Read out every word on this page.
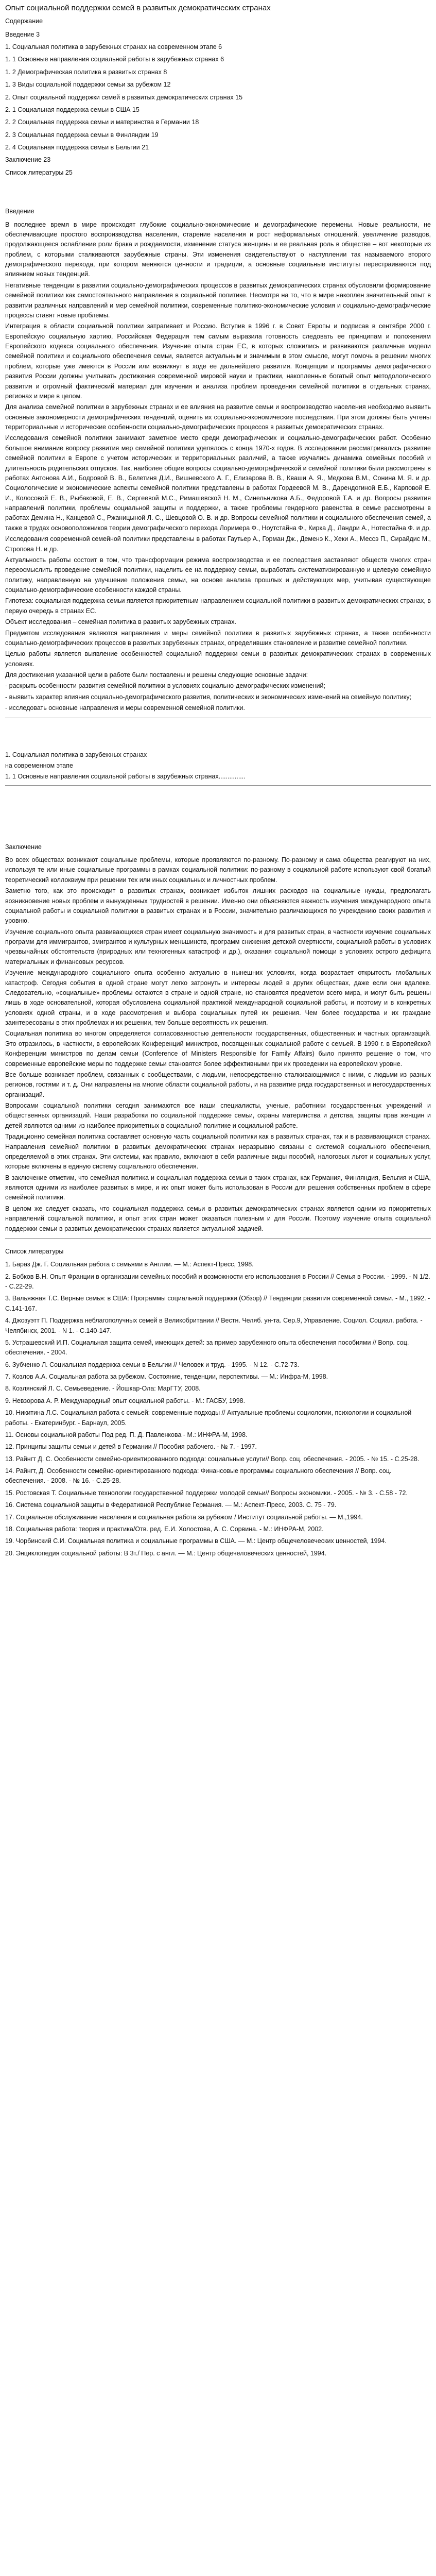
Опыт социальной поддержки семей в развитых демократических странах
Содержание
Введение 3
1. Социальная политика в зарубежных странах на современном этапе 6
1. 1 Основные направления социальной работы в зарубежных странах 6
1. 2 Демографическая политика в развитых странах 8
1. 3 Виды социальной поддержки семьи за рубежом 12
2. Опыт социальной поддержки семей в развитых демократических странах 15
2. 1 Социальная поддержка семьи в США 15
2. 2 Социальная поддержка семьи и материнства в Германии 18
2. 3 Социальная поддержка семьи в Финляндии 19
2. 4 Социальная поддержка семьи в Бельгии 21
Заключение 23
Список литературы 25
Введение

В последнее время в мире происходят глубокие социально-экономические и демографические перемены. Новые реальности, не обеспечивающие простого воспроизводства населения, старение населения и рост неформальных отношений, увеличение разводов, продолжающееся ослабление роли брака и рождаемости, изменение статуса женщины и ее реальная роль в обществе – вот некоторые из проблем, с которыми сталкиваются зарубежные страны. Эти изменения свидетельствуют о наступлении так называемого второго демографического перехода, при котором меняются ценности и традиции, а основные социальные институты перестраиваются под влиянием новых тенденций.

Негативные тенденции в развитии социально-демографических процессов в развитых демократических странах обусловили формирование семейной политики как самостоятельного направления в социальной политике. Несмотря на то, что в мире накоплен значительный опыт в развитии различных направлений и мер семейной политики, современные политико-экономические условия и социально-демографические процессы ставят новые проблемы.

Интеграция в области социальной политики затрагивает и Россию. Вступив в 1996 г. в Совет Европы и подписав в сентябре 2000 г. Европейскую социальную хартию, Российская Федерация тем самым выразила готовность следовать ее принципам и положениям Европейского кодекса социального обеспечения. Изучение опыта стран ЕС, в которых сложились и развиваются различные модели семейной политики и социального обеспечения семьи, является актуальным и значимым в этом смысле, могут помочь в решении многих проблем, которые уже имеются в России или возникнут в ходе ее дальнейшего развития. Концепции и программы демографического развития России должны учитывать достижения современной мировой науки и практики, накопленные богатый опыт методологического развития и огромный фактический материал для изучения и анализа проблем проведения семейной политики в отдельных странах, регионах и мире в целом.

Для анализа семейной политики в зарубежных странах и ее влияния на развитие семьи и воспроизводство населения необходимо выявить основные закономерности демографических тенденций, оценить их социально-экономические последствия. При этом должны быть учтены территориальные и исторические особенности социально-демографических процессов в развитых демократических странах.

Исследования семейной политики занимают заметное место среди демографических и социально-демографических работ. Особенно большое внимание вопросу развития мер семейной политики уделялось с конца 1970-х годов. В исследовании рассматривались развитие семейной политики в Европе с учетом исторических и территориальных различий, а также изучались динамика семейных пособий и длительность родительских отпусков. Так, наиболее общие вопросы социально-демографической и семейной политики были рассмотрены в работах Антонова А.И., Бодровой В. В., Белетиня Д.И., Вишневского А. Г., Елизарова В. В., Кваши А. Я., Медкова В.М., Сонина М. Я. и др. Социологические и экономические аспекты семейной политики представлены в работах Гордеевой М. В., Дарендогиной Е.Б., Карповой Е. И., Колосовой Е. В., Рыбаковой, Е. В., Сергеевой М.С., Римашевской Н. М., Синельникова А.Б., Федоровой Т.А. и др. Вопросы развития направлений политики, проблемы социальной защиты и поддержки, а также проблемы гендерного равенства в семье рассмотрены в работах Демина Н., Канцевой С., Ржаницыной Л. С., Шевцовой О. В. и др. Вопросы семейной политики и социального обеспечения семей, а также в трудах основоположников теории демографического перехода Лоримера Ф., Ноутстайна Ф., Кирка Д., Ландри А., Нотестайна Ф. и др.

Исследования современной семейной политики представлены в работах Гаутьер А., Горман Дж., Деменэ К., Хеки А., Мессэ П., Сирайдис М., Стропова Н. и др.

Актуальность работы состоит в том, что трансформации режима воспроизводства и ее последствия заставляют обществ многих стран переосмыслить проведение семейной политики, нацелить ее на поддержку семьи, выработать систематизированную и целевую семейную политику, направленную на улучшение положения семьи, на основе анализа прошлых и действующих мер, учитывая существующие социально-демографические особенности каждой страны.

Гипотеза: социальная поддержка семьи является приоритетным направлением социальной политики в развитых демократических странах, в первую очередь в странах ЕС.

Объект исследования – семейная политика в развитых зарубежных странах.

Предметом исследования являются направления и меры семейной политики в развитых зарубежных странах, а также особенности социально-демографических процессов в развитых зарубежных странах, определивших становление и развитие семейной политики.

Целью работы является выявление особенностей социальной поддержки семьи в развитых демократических странах в современных условиях.

Для достижения указанной цели в работе были поставлены и решены следующие основные задачи:

- раскрыть особенности развития семейной политики в условиях социально-демографических изменений;

- выявить характер влияния социально-демографического развития, политических и экономических изменений на семейную политику;

- исследовать основные направления и меры современной семейной политики.

1. Социальная политика в зарубежных странах
на современном этапе
1. 1 Основные направления социальной работы в зарубежных странах...............
Заключение

Во всех обществах возникают социальные проблемы, которые проявляются по-разному. По-разному и сама общества реагируют на них, используя те или иные социальные программы в рамках социальной политики: по-разному в социальной работе используют свой богатый теоретический коллоквиум при решении тех или иных социальных и личностных проблем.

Заметно того, как это происходит в развитых странах, возникает избыток лишних расходов на социальные нужды, предполагать возникновение новых проблем и вынужденных трудностей в решении. Именно они объясняются важность изучения международного опыта социальной работы и социальной политики в развитых странах и в России, значительно различающихся по учреждению своих развития и уровню.

Изучение социального опыта развивающихся стран имеет социальную значимость и для развитых стран, в частности изучение социальных программ для иммигрантов, эмигрантов и культурных меньшинств, программ снижения детской смертности, социальной работы в условиях чрезвычайных обстоятельств (природных или техногенных катастроф и др.), оказания социальной помощи в условиях острого дефицита материальных и финансовых ресурсов.

Изучение международного социального опыта особенно актуально в нынешних условиях, когда возрастает открытость глобальных катастроф. Сегодня события в одной стране могут легко затронуть и интересы людей в других обществах, даже если они вдалеке. Следовательно, «социальные» проблемы остаются в стране и одной стране, но становятся предметом всего мира, и могут быть решены лишь в ходе основательной, которая обусловлена социальной практикой международной социальной работы, и поэтому и в конкретных условиях одной страны, и в ходе рассмотрения и выбора социальных путей их решения. Чем более государства и их граждане заинтересованы в этих проблемах и их решении, тем больше вероятность их решения.

Социальная политика во многом определяется согласованностью деятельности государственных, общественных и частных организаций. Это отразилось, в частности, в европейских Конференций министров, посвященных социальной работе с семьей. В 1990 г. в Европейской Конференции министров по делам семьи (Conference of Ministers Responsible for Family Affairs) было принято решение о том, что современные европейские меры по поддержке семьи становятся более эффективными при их проведении на европейском уровне.

Все больше возникает проблем, связанных с сообществами, с людьми, непосредственно сталкивающимися с ними, с людьми из разных регионов, гостями и т. д. Они направлены на многие области социальной работы, и на развитие ряда государственных и негосударственных организаций.

Вопросами социальной политики сегодня занимаются все наши специалисты, ученые, работники государственных учреждений и общественных организаций. Наши разработки по социальной поддержке семьи, охраны материнства и детства, защиты прав женщин и детей являются одними из наиболее приоритетных в социальной политике и социальной работе.

Традиционно семейная политика составляет основную часть социальной политики как в развитых странах, так и в развивающихся странах. Направления семейной политики в развитых демократических странах неразрывно связаны с системой социального обеспечения, определяемой в этих странах. Эти системы, как правило, включают в себя различные виды пособий, налоговых льгот и социальных услуг, которые включены в единую систему социального обеспечения.

В заключение отметим, что семейная политика и социальная поддержка семьи в таких странах, как Германия, Финляндия, Бельгия и США, являются одними из наиболее развитых в мире, и их опыт может быть использован в России для решения собственных проблем в сфере семейной политики.

В целом же следует сказать, что социальная поддержка семьи в развитых демократических странах является одним из приоритетных направлений социальной политики, и опыт этих стран может оказаться полезным и для России. Поэтому изучение опыта социальной поддержки семьи в развитых демократических странах является актуальной задачей.

Список литературы
1. Бараз Дж. Г. Социальная работа с семьями в Англии. — М.: Аспект-Пресс, 1998.
2. Бобков В.Н. Опыт Франции в организации семейных пособий и возможности его использования в России // Семья в России. - 1999. - N 1/2. - С.22-29.
3. Вальяжная Т.С. Верные семья: в США: Программы социальной поддержки (Обзор) // Тенденции развития современной семьи. - М., 1992. - С.141-167.
4. Джозуэтт П. Поддержка неблагополучных семей в Великобритании // Вестн. Челяб. ун-та. Сер.9, Управление. Социол. Социал. работа. - Челябинск, 2001. - N 1. - С.140-147.
5. Устрашевский И.П. Социальная защита семей, имеющих детей: за пример зарубежного опыта обеспечения пособиями // Вопр. соц. обеспечения. - 2004.
6. Зубченко Л. Социальная поддержка семьи в Бельгии // Человек и труд. - 1995. - N 12. - С.72-73.
7. Козлов А.А. Социальная работа за рубежом. Состояние, тенденции, перспективы. — М.: Инфра-М, 1998.
8. Козлянский Л. С. Семьеведение. - Йошкар-Ола: МарГТУ, 2008.
9. Невзорова А. Р. Международный опыт социальной работы. - М.: ГАСБУ, 1998.
10. Никитина Л.С. Социальная работа с семьей: современные подходы // Актуальные проблемы социологии, психологии и социальной работы. - Екатеринбург. - Барнаул, 2005.
11. Основы социальной работы Под ред. П. Д. Павленкова - М.: ИНФРА-М, 1998.
12. Принципы защиты семьи и детей в Германии // Пособия рабочего. - № 7. - 1997.
13. Райнгт Д. С. Особенности семейно-ориентированного подхода: социальные услуги// Вопр. соц. обеспечения. - 2005. - № 15. - С.25-28.
14. Райнгт, Д. Особенности семейно-ориентированного подхода: Финансовые программы социального обеспечения // Вопр. соц. обеспечения. - 2008. - № 16. - С.25-28.
15. Ростовская Т. Социальные технологии государственной поддержки молодой семьи// Вопросы экономики. - 2005. - № 3. - С.58 - 72.
16. Система социальной защиты в Федеративной Республике Германия. — М.: Аспект-Пресс, 2003. С. 75 - 79.
17. Социальное обслуживание населения и социальная работа за рубежом / Институт социальной работы. — М.,1994.
18. Социальная работа: теория и практика/Отв. ред. Е.И. Холостова, А. С. Сорвина. - М.: ИНФРА-М, 2002.
19. Чорбинский С.И. Социальная политика и социальные программы в США. — М.: Центр общечеловеческих ценностей, 1994.
20. Энциклопедия социальной работы: В 3т./ Пер. с англ. — М.: Центр общечеловеческих ценностей, 1994.
